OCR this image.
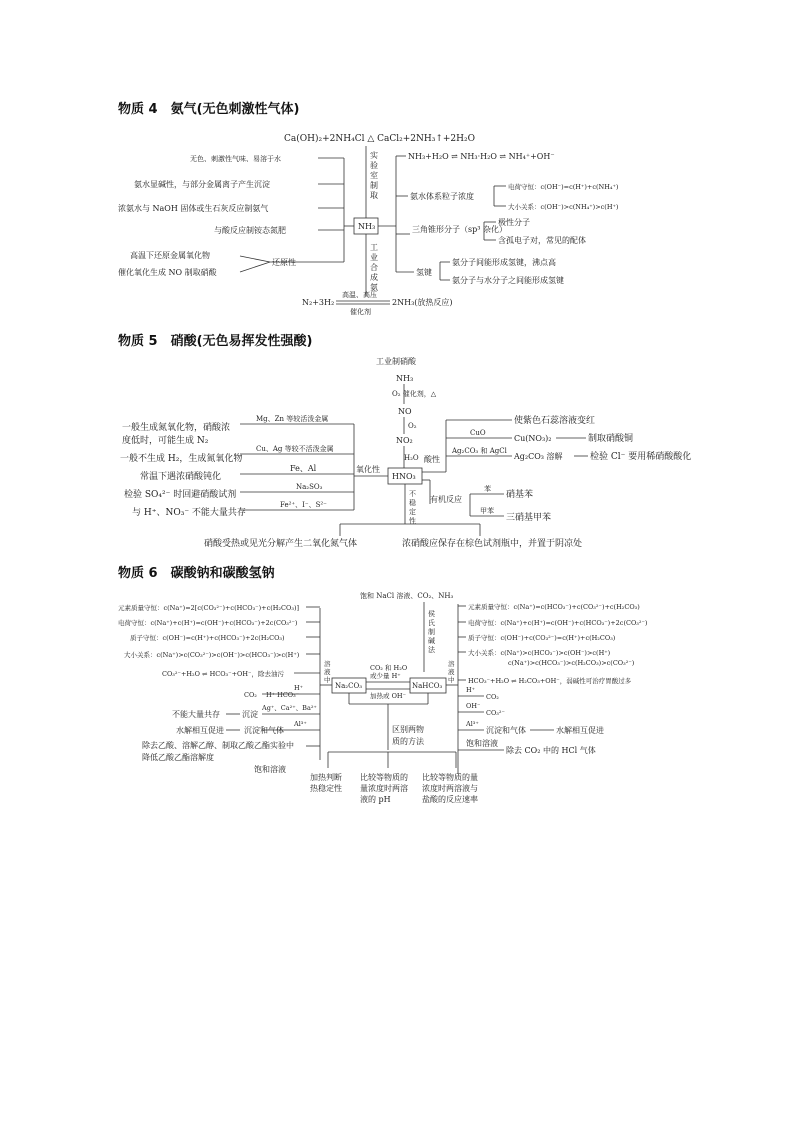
物质 4　氨气(无色刺激性气体)
物质 5　硝酸(无色易挥发性强酸)
物质 6　碳酸钠和碳酸氢钠
Ca(OH)₂+2NH₄Cl △ CaCl₂+2NH₃↑+2H₂O
实
验
室
制
取
NH₃
工
业
合
成
氨
无色、刺激性气味、易溶于水
氨水显碱性，与部分金属离子产生沉淀
浓氨水与 NaOH 固体或生石灰反应制氨气
与酸反应制铵态氮肥
还原性
高温下还原金属氧化物
催化氧化生成 NO 制取硝酸
NH₃+H₂O ⇌ NH₃·H₂O ⇌ NH₄⁺+OH⁻
氨水体系粒子浓度
电荷守恒：c(OH⁻)=c(H⁺)+c(NH₄⁺)
大小关系：c(OH⁻)>c(NH₄⁺)>c(H⁺)
三角锥形分子（sp³ 杂化）
极性分子
含孤电子对，常见的配体
氢键
氨分子间能形成氢键，沸点高
氨分子与水分子之间能形成氢键
N₂+3H₂
高温、高压
催化剂
2NH₃(放热反应)
工业制硝酸
NH₃
O₂ 催化剂，△
NO
O₂
NO₂
H₂O
HNO₃
酸性
使紫色石蕊溶液变红
CuO
Cu(NO₃)₂	制取硝酸铜
Ag₂CO₃ 和 AgCl
Ag₂CO₃ 溶解	检验 Cl⁻ 要用稀硝酸酸化
氧化性
Mg、Zn 等较活泼金属
Cu、Ag 等较不活泼金属
Fe、Al
Na₂SO₃
Fe²⁺、I⁻、S²⁻
一般生成氮氧化物，硝酸浓
度低时，可能生成 N₂
一般不生成 H₂，生成氮氧化物
常温下遇浓硝酸钝化
检验 SO₄²⁻ 时回避硝酸试剂
与 H⁺、NO₃⁻ 不能大量共存
有机反应
苯
硝基苯
甲苯
三硝基甲苯
不
稳
定
性
硝酸受热或见光分解产生二氧化氮气体	浓硝酸应保存在棕色试剂瓶中，并置于阴凉处
饱和 NaCl 溶液、CO₂、NH₃
侯
氏
制
碱
法
Na₂CO₃	NaHCO₃
CO₂ 和 H₂O
或少量 H⁺
加热或 OH⁻
溶
液
中
元素质量守恒：c(Na⁺)=2[c(CO₃²⁻)+c(HCO₃⁻)+c(H₂CO₃)]
电荷守恒：c(Na⁺)+c(H⁺)=c(OH⁻)+c(HCO₃⁻)+2c(CO₃²⁻)
质子守恒：c(OH⁻)=c(H⁺)+c(HCO₃⁻)+2c(H₂CO₃)
大小关系：c(Na⁺)>c(CO₃²⁻)>c(OH⁻)>c(HCO₃⁻)>c(H⁺)
CO₃²⁻+H₂O ⇌ HCO₃⁻+OH⁻，除去油污
H⁺
CO₂ H⁺ HCO₃⁻
Ag⁺、Ca²⁺、Ba²⁺
Al³⁺
沉淀
不能大量共存
沉淀和气体
水解相互促进
除去乙酸、溶解乙醇、制取乙酸乙酯实验中
降低乙酸乙酯溶解度
饱和溶液
溶
液
中
元素质量守恒：c(Na⁺)=c(HCO₃⁻)+c(CO₃²⁻)+c(H₂CO₃)
电荷守恒：c(Na⁺)+c(H⁺)=c(OH⁻)+c(HCO₃⁻)+2c(CO₃²⁻)
质子守恒：c(OH⁻)+c(CO₃²⁻)=c(H⁺)+c(H₂CO₃)
大小关系：c(Na⁺)>c(HCO₃⁻)>c(OH⁻)>c(H⁺)
c(Na⁺)>c(HCO₃⁻)>c(H₂CO₃)>c(CO₃²⁻)
HCO₃⁻+H₂O ⇌ H₂CO₃+OH⁻，弱碱性可治疗胃酸过多
H⁺
CO₂
OH⁻
CO₃²⁻
Al³⁺
沉淀和气体	水解相互促进
饱和溶液
除去 CO₂ 中的 HCl 气体
区别两物
质的方法
加热判断
热稳定性
比较等物质的
量浓度时两溶
液的 pH
比较等物质的量
浓度时两溶液与
盐酸的反应速率
